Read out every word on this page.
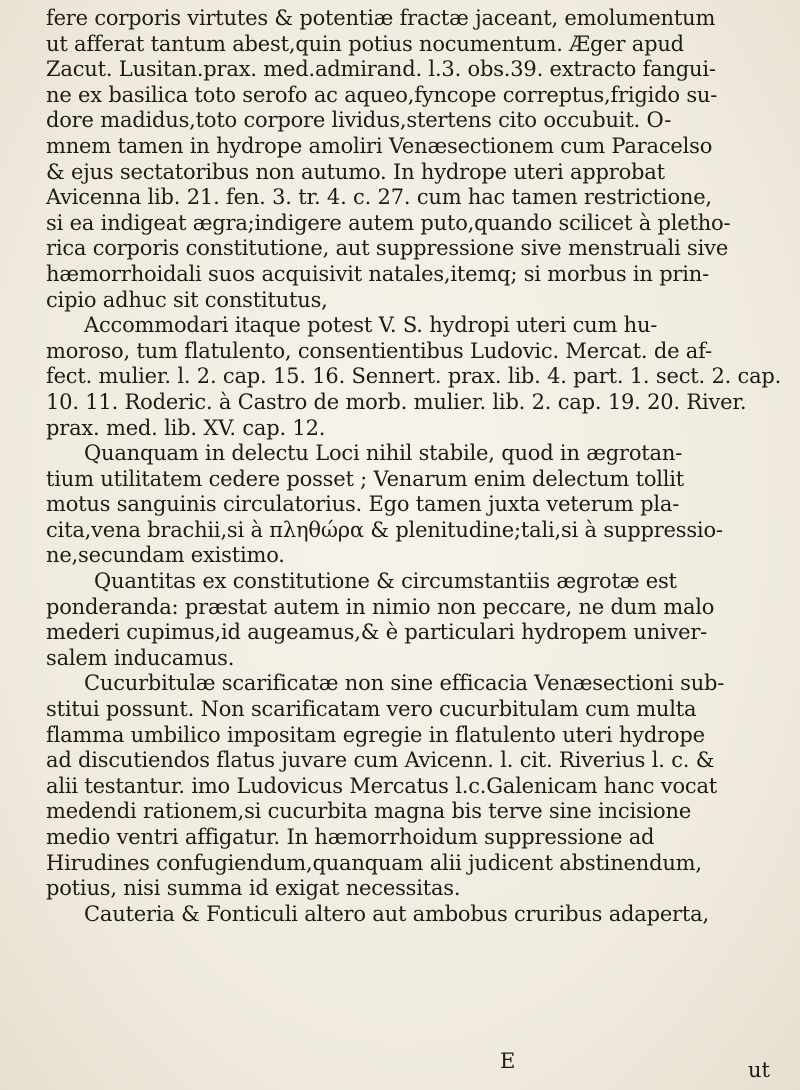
fere corporis virtutes & potentiæ fractæ jaceant, emolumentum
ut afferat tantum abest,quin potius nocumentum. Æger apud
Zacut. Lusitan.prax. med.admirand. l.3. obs.39. extracto fangui-
ne ex basilica toto serofo ac aqueo,fyncope correptus,frigido su-
dore madidus,toto corpore lividus,stertens cito occubuit. O-
mnem tamen in hydrope amoliri Venæsectionem cum Paracelso
& ejus sectatoribus non autumo. In hydrope uteri approbat
Avicenna lib. 21. fen. 3. tr. 4. c. 27. cum hac tamen restrictione,
si ea indigeat ægra;indigere autem puto,quando scilicet à pletho-
rica corporis constitutione, aut suppressione sive menstruali sive
hæmorrhoidali suos acquisivit natales,itemq; si morbus in prin-
cipio adhuc sit constitutus,
Accommodari itaque potest V. S. hydropi uteri cum hu-
moroso, tum flatulento, consentientibus Ludovic. Mercat. de af-
fect. mulier. l. 2. cap. 15. 16. Sennert. prax. lib. 4. part. 1. sect. 2. cap.
10. 11. Roderic. à Castro de morb. mulier. lib. 2. cap. 19. 20. River.
prax. med. lib. XV. cap. 12.
Quanquam in delectu Loci nihil stabile, quod in ægrotan-
tium utilitatem cedere posset ; Venarum enim delectum tollit
motus sanguinis circulatorius. Ego tamen juxta veterum pla-
cita,vena brachii,si à πληθώρα & plenitudine;tali,si à suppressio-
ne,secundam existimo.
Quantitas ex constitutione & circumstantiis ægrotæ est
ponderanda: præstat autem in nimio non peccare, ne dum malo
mederi cupimus,id augeamus,& è particulari hydropem univer-
salem inducamus.
Cucurbitulæ scarificatæ non sine efficacia Venæsectioni sub-
stitui possunt. Non scarificatam vero cucurbitulam cum multa
flamma umbilico impositam egregie in flatulento uteri hydrope
ad discutiendos flatus juvare cum Avicenn. l. cit. Riverius l. c. &
alii testantur. imo Ludovicus Mercatus l.c.Galenicam hanc vocat
medendi rationem,si cucurbita magna bis terve sine incisione
medio ventri affigatur. In hæmorrhoidum suppressione ad
Hirudines confugiendum,quanquam alii judicent abstinendum,
potius, nisi summa id exigat necessitas.
Cauteria & Fonticuli altero aut ambobus cruribus adaperta,
E	ut
